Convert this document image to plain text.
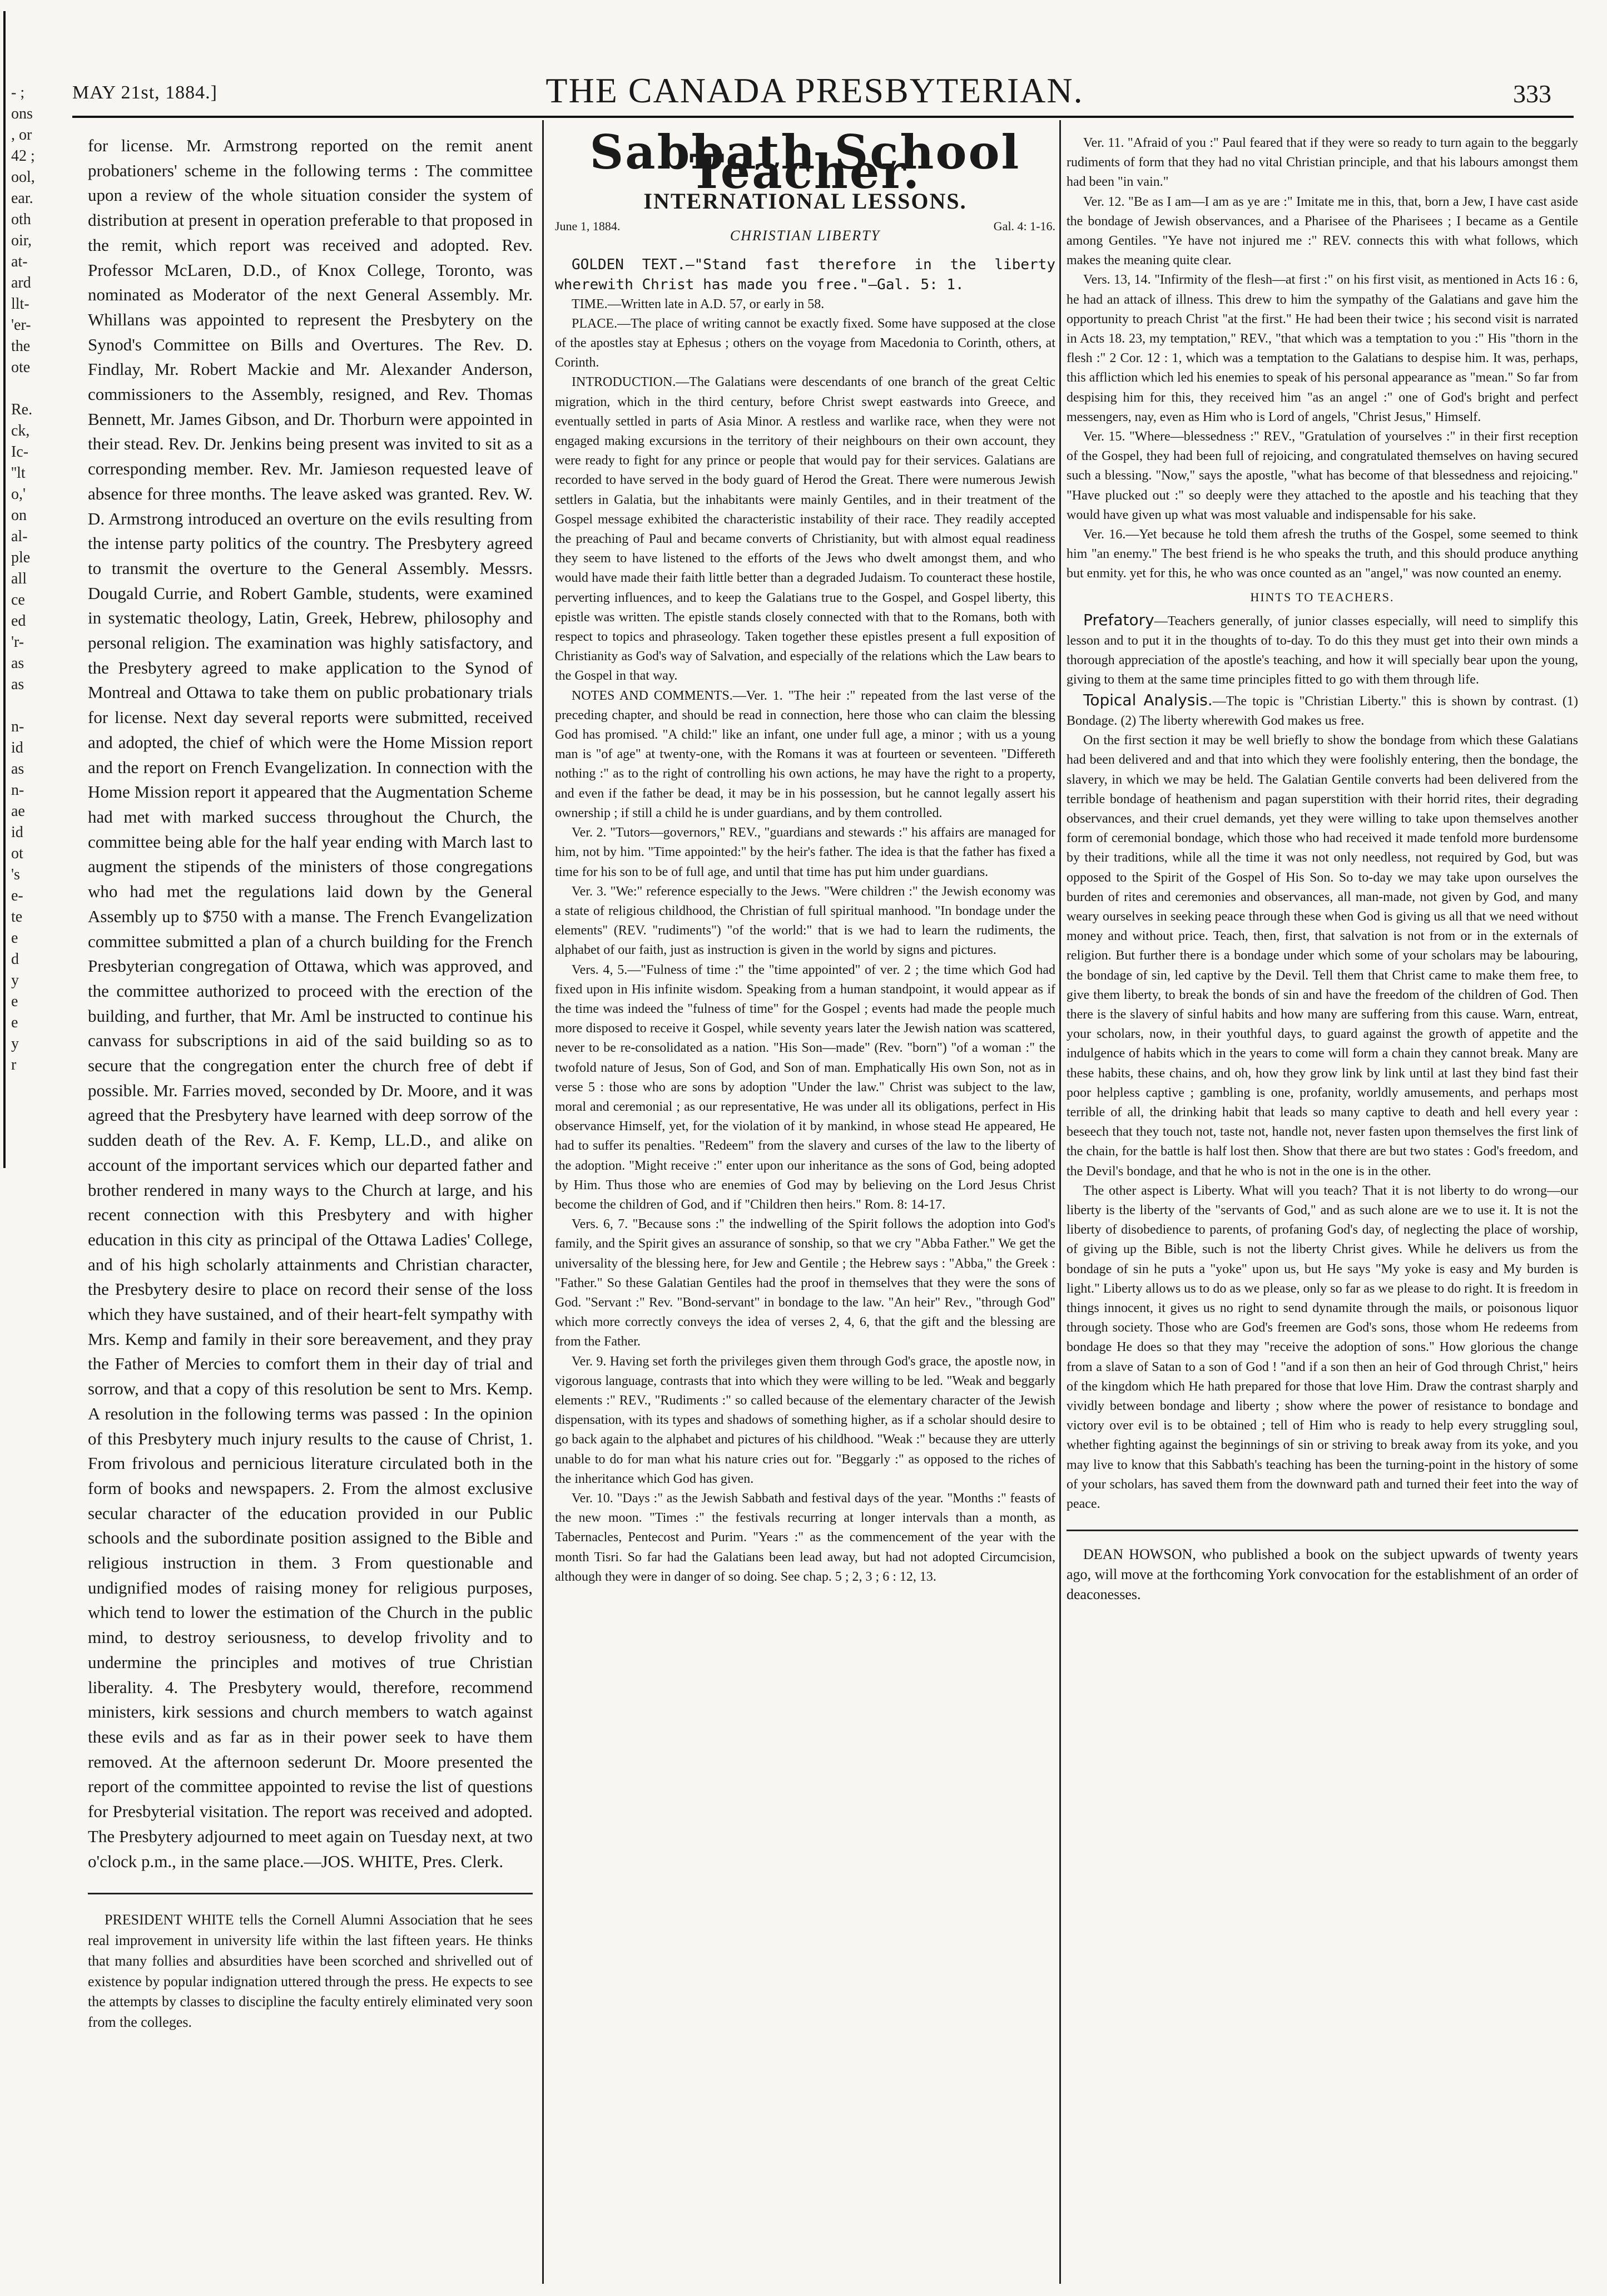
- ;
ons
, or
42 ;
ool,
ear.
oth
oir,
at-
ard
llt-
'er-
the
ote
Re.
ck,
Ic-
''lt
o,'
on
al-
ple
all
ce
ed
'r-
as
as
n-
id
as
n-
ae
id
ot
's
e-
te
e
d
y
e
e
y
r
MAY 21st, 1884.]	THE CANADA PRESBYTERIAN.	333

for license. Mr. Armstrong reported on the remit anent probationers' scheme in the following terms : The committee upon a review of the whole situation consider the system of distribution at present in operation preferable to that proposed in the remit, which report was received and adopted. Rev. Professor McLaren, D.D., of Knox College, Toronto, was nominated as Moderator of the next General Assembly. Mr. Whillans was appointed to represent the Presbytery on the Synod's Committee on Bills and Overtures. The Rev. D. Findlay, Mr. Robert Mackie and Mr. Alexander Anderson, commissioners to the Assembly, resigned, and Rev. Thomas Bennett, Mr. James Gibson, and Dr. Thorburn were appointed in their stead. Rev. Dr. Jenkins being present was invited to sit as a corresponding member. Rev. Mr. Jamieson requested leave of absence for three months. The leave asked was granted. Rev. W. D. Armstrong introduced an overture on the evils resulting from the intense party politics of the country. The Presbytery agreed to transmit the overture to the General Assembly. Messrs. Dougald Currie, and Robert Gamble, students, were examined in systematic theology, Latin, Greek, Hebrew, philosophy and personal religion. The examination was highly satisfactory, and the Presbytery agreed to make application to the Synod of Montreal and Ottawa to take them on public probationary trials for license. Next day several reports were submitted, received and adopted, the chief of which were the Home Mission report and the report on French Evangelization. In connection with the Home Mission report it appeared that the Augmentation Scheme had met with marked success throughout the Church, the committee being able for the half year ending with March last to augment the stipends of the ministers of those congregations who had met the regulations laid down by the General Assembly up to $750 with a manse. The French Evangelization committee submitted a plan of a church building for the French Presbyterian congregation of Ottawa, which was approved, and the committee authorized to proceed with the erection of the building, and further, that Mr. Aml be instructed to continue his canvass for subscriptions in aid of the said building so as to secure that the congregation enter the church free of debt if possible. Mr. Farries moved, seconded by Dr. Moore, and it was agreed that the Presbytery have learned with deep sorrow of the sudden death of the Rev. A. F. Kemp, LL.D., and alike on account of the important services which our departed father and brother rendered in many ways to the Church at large, and his recent connection with this Presbytery and with higher education in this city as principal of the Ottawa Ladies' College, and of his high scholarly attainments and Christian character, the Presbytery desire to place on record their sense of the loss which they have sustained, and of their heart-felt sympathy with Mrs. Kemp and family in their sore bereavement, and they pray the Father of Mercies to comfort them in their day of trial and sorrow, and that a copy of this resolution be sent to Mrs. Kemp. A resolution in the following terms was passed : In the opinion of this Presbytery much injury results to the cause of Christ, 1. From frivolous and pernicious literature circulated both in the form of books and newspapers. 2. From the almost exclusive secular character of the education provided in our Public schools and the subordinate position assigned to the Bible and religious instruction in them. 3 From questionable and undignified modes of raising money for religious purposes, which tend to lower the estimation of the Church in the public mind, to destroy seriousness, to develop frivolity and to undermine the principles and motives of true Christian liberality. 4. The Presbytery would, therefore, recommend ministers, kirk sessions and church members to watch against these evils and as far as in their power seek to have them removed. At the afternoon sederunt Dr. Moore presented the report of the committee appointed to revise the list of questions for Presbyterial visitation. The report was received and adopted. The Presbytery adjourned to meet again on Tuesday next, at two o'clock p.m., in the same place.—JOS. WHITE, Pres. Clerk.

PRESIDENT WHITE tells the Cornell Alumni Association that he sees real improvement in university life within the last fifteen years. He thinks that many follies and absurdities have been scorched and shrivelled out of existence by popular indignation uttered through the press. He expects to see the attempts by classes to discipline the faculty entirely eliminated very soon from the colleges.

Sabbath School Teacher.
INTERNATIONAL LESSONS.
June 1, 1884.
CHRISTIAN LIBERTY
Gal. 4: 1-16.

GOLDEN TEXT.—"Stand fast therefore in the liberty wherewith Christ has made you free."—Gal. 5: 1.

TIME.—Written late in A.D. 57, or early in 58.

PLACE.—The place of writing cannot be exactly fixed. Some have supposed at the close of the apostles stay at Ephesus ; others on the voyage from Macedonia to Corinth, others, at Corinth.

INTRODUCTION.—The Galatians were descendants of one branch of the great Celtic migration, which in the third century, before Christ swept eastwards into Greece, and eventually settled in parts of Asia Minor. A restless and warlike race, when they were not engaged making excursions in the territory of their neighbours on their own account, they were ready to fight for any prince or people that would pay for their services. Galatians are recorded to have served in the body guard of Herod the Great. There were numerous Jewish settlers in Galatia, but the inhabitants were mainly Gentiles, and in their treatment of the Gospel message exhibited the characteristic instability of their race. They readily accepted the preaching of Paul and became converts of Christianity, but with almost equal readiness they seem to have listened to the efforts of the Jews who dwelt amongst them, and who would have made their faith little better than a degraded Judaism. To counteract these hostile, perverting influences, and to keep the Galatians true to the Gospel, and Gospel liberty, this epistle was written. The epistle stands closely connected with that to the Romans, both with respect to topics and phraseology. Taken together these epistles present a full exposition of Christianity as God's way of Salvation, and especially of the relations which the Law bears to the Gospel in that way.

NOTES AND COMMENTS.—Ver. 1. "The heir :" repeated from the last verse of the preceding chapter, and should be read in connection, here those who can claim the blessing God has promised. "A child:" like an infant, one under full age, a minor ; with us a young man is "of age" at twenty-one, with the Romans it was at fourteen or seventeen. "Differeth nothing :" as to the right of controlling his own actions, he may have the right to a property, and even if the father be dead, it may be in his possession, but he cannot legally assert his ownership ; if still a child he is under guardians, and by them controlled.

Ver. 2. "Tutors—governors," REV., "guardians and stewards :" his affairs are managed for him, not by him. "Time appointed:" by the heir's father. The idea is that the father has fixed a time for his son to be of full age, and until that time has put him under guardians.

Ver. 3. "We:" reference especially to the Jews. "Were children :" the Jewish economy was a state of religious childhood, the Christian of full spiritual manhood. "In bondage under the elements" (REV. "rudiments") "of the world:" that is we had to learn the rudiments, the alphabet of our faith, just as instruction is given in the world by signs and pictures.

Vers. 4, 5.—"Fulness of time :" the "time appointed" of ver. 2 ; the time which God had fixed upon in His infinite wisdom. Speaking from a human standpoint, it would appear as if the time was indeed the "fulness of time" for the Gospel ; events had made the people much more disposed to receive it Gospel, while seventy years later the Jewish nation was scattered, never to be re-consolidated as a nation. "His Son—made" (Rev. "born") "of a woman :" the twofold nature of Jesus, Son of God, and Son of man. Emphatically His own Son, not as in verse 5 : those who are sons by adoption "Under the law." Christ was subject to the law, moral and ceremonial ; as our representative, He was under all its obligations, perfect in His observance Himself, yet, for the violation of it by mankind, in whose stead He appeared, He had to suffer its penalties. "Redeem" from the slavery and curses of the law to the liberty of the adoption. "Might receive :" enter upon our inheritance as the sons of God, being adopted by Him. Thus those who are enemies of God may by believing on the Lord Jesus Christ become the children of God, and if "Children then heirs." Rom. 8: 14-17.

Vers. 6, 7. "Because sons :" the indwelling of the Spirit follows the adoption into God's family, and the Spirit gives an assurance of sonship, so that we cry "Abba Father." We get the universality of the blessing here, for Jew and Gentile ; the Hebrew says : "Abba," the Greek : "Father." So these Galatian Gentiles had the proof in themselves that they were the sons of God. "Servant :" Rev. "Bond-servant" in bondage to the law. "An heir" Rev., "through God" which more correctly conveys the idea of verses 2, 4, 6, that the gift and the blessing are from the Father.

Ver. 9. Having set forth the privileges given them through God's grace, the apostle now, in vigorous language, contrasts that into which they were willing to be led. "Weak and beggarly elements :" REV., "Rudiments :" so called because of the elementary character of the Jewish dispensation, with its types and shadows of something higher, as if a scholar should desire to go back again to the alphabet and pictures of his childhood. "Weak :" because they are utterly unable to do for man what his nature cries out for. "Beggarly :" as opposed to the riches of the inheritance which God has given.

Ver. 10. "Days :" as the Jewish Sabbath and festival days of the year. "Months :" feasts of the new moon. "Times :" the festivals recurring at longer intervals than a month, as Tabernacles, Pentecost and Purim. "Years :" as the commencement of the year with the month Tisri. So far had the Galatians been lead away, but had not adopted Circumcision, although they were in danger of so doing. See chap. 5 ; 2, 3 ; 6 : 12, 13.

Ver. 11. "Afraid of you :" Paul feared that if they were so ready to turn again to the beggarly rudiments of form that they had no vital Christian principle, and that his labours amongst them had been "in vain."

Ver. 12. "Be as I am—I am as ye are :" Imitate me in this, that, born a Jew, I have cast aside the bondage of Jewish observances, and a Pharisee of the Pharisees ; I became as a Gentile among Gentiles. "Ye have not injured me :" REV. connects this with what follows, which makes the meaning quite clear.

Vers. 13, 14. "Infirmity of the flesh—at first :" on his first visit, as mentioned in Acts 16 : 6, he had an attack of illness. This drew to him the sympathy of the Galatians and gave him the opportunity to preach Christ "at the first." He had been their twice ; his second visit is narrated in Acts 18. 23, my temptation," REV., "that which was a temptation to you :" His "thorn in the flesh :" 2 Cor. 12 : 1, which was a temptation to the Galatians to despise him. It was, perhaps, this affliction which led his enemies to speak of his personal appearance as "mean." So far from despising him for this, they received him "as an angel :" one of God's bright and perfect messengers, nay, even as Him who is Lord of angels, "Christ Jesus," Himself.

Ver. 15. "Where—blessedness :" REV., "Gratulation of yourselves :" in their first reception of the Gospel, they had been full of rejoicing, and congratulated themselves on having secured such a blessing. "Now," says the apostle, "what has become of that blessedness and rejoicing." "Have plucked out :" so deeply were they attached to the apostle and his teaching that they would have given up what was most valuable and indispensable for his sake.

Ver. 16.—Yet because he told them afresh the truths of the Gospel, some seemed to think him "an enemy." The best friend is he who speaks the truth, and this should produce anything but enmity. yet for this, he who was once counted as an "angel," was now counted an enemy.

HINTS TO TEACHERS.

Prefatory—Teachers generally, of junior classes especially, will need to simplify this lesson and to put it in the thoughts of to-day. To do this they must get into their own minds a thorough appreciation of the apostle's teaching, and how it will specially bear upon the young, giving to them at the same time principles fitted to go with them through life.

Topical Analysis.—The topic is "Christian Liberty." this is shown by contrast. (1) Bondage. (2) The liberty wherewith God makes us free.

On the first section it may be well briefly to show the bondage from which these Galatians had been delivered and and that into which they were foolishly entering, then the bondage, the slavery, in which we may be held. The Galatian Gentile converts had been delivered from the terrible bondage of heathenism and pagan superstition with their horrid rites, their degrading observances, and their cruel demands, yet they were willing to take upon themselves another form of ceremonial bondage, which those who had received it made tenfold more burdensome by their traditions, while all the time it was not only needless, not required by God, but was opposed to the Spirit of the Gospel of His Son. So to-day we may take upon ourselves the burden of rites and ceremonies and observances, all man-made, not given by God, and many weary ourselves in seeking peace through these when God is giving us all that we need without money and without price. Teach, then, first, that salvation is not from or in the externals of religion. But further there is a bondage under which some of your scholars may be labouring, the bondage of sin, led captive by the Devil. Tell them that Christ came to make them free, to give them liberty, to break the bonds of sin and have the freedom of the children of God. Then there is the slavery of sinful habits and how many are suffering from this cause. Warn, entreat, your scholars, now, in their youthful days, to guard against the growth of appetite and the indulgence of habits which in the years to come will form a chain they cannot break. Many are these habits, these chains, and oh, how they grow link by link until at last they bind fast their poor helpless captive ; gambling is one, profanity, worldly amusements, and perhaps most terrible of all, the drinking habit that leads so many captive to death and hell every year : beseech that they touch not, taste not, handle not, never fasten upon themselves the first link of the chain, for the battle is half lost then. Show that there are but two states : God's freedom, and the Devil's bondage, and that he who is not in the one is in the other.

The other aspect is Liberty. What will you teach? That it is not liberty to do wrong—our liberty is the liberty of the "servants of God," and as such alone are we to use it. It is not the liberty of disobedience to parents, of profaning God's day, of neglecting the place of worship, of giving up the Bible, such is not the liberty Christ gives. While he delivers us from the bondage of sin he puts a "yoke" upon us, but He says "My yoke is easy and My burden is light." Liberty allows us to do as we please, only so far as we please to do right. It is freedom in things innocent, it gives us no right to send dynamite through the mails, or poisonous liquor through society. Those who are God's freemen are God's sons, those whom He redeems from bondage He does so that they may "receive the adoption of sons." How glorious the change from a slave of Satan to a son of God ! "and if a son then an heir of God through Christ," heirs of the kingdom which He hath prepared for those that love Him. Draw the contrast sharply and vividly between bondage and liberty ; show where the power of resistance to bondage and victory over evil is to be obtained ; tell of Him who is ready to help every struggling soul, whether fighting against the beginnings of sin or striving to break away from its yoke, and you may live to know that this Sabbath's teaching has been the turning-point in the history of some of your scholars, has saved them from the downward path and turned their feet into the way of peace.

DEAN HOWSON, who published a book on the subject upwards of twenty years ago, will move at the forthcoming York convocation for the establishment of an order of deaconesses.
